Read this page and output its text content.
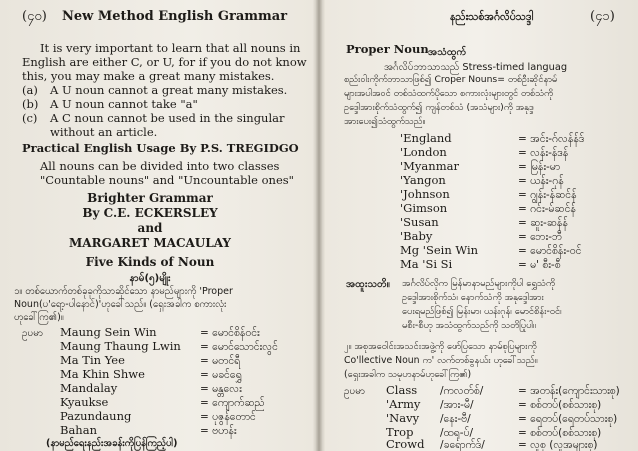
(၄၀) New Method English Grammar
It is very important to learn that all nouns in
English are either C, or U, for if you do not know
this, you may make a great many mistakes.
(a) A U noun cannot a great many mistakes.
(b) A U noun cannot take "a"
(c) A C noun cannot be used in the singular
without an article.
Practical English Usage By P.S. TREGIDGO
All nouns can be divided into two classes
"Countable nouns" and "Uncountable ones"
Brighter Grammar
By C.E. ECKERSLEY
and
MARGARET MACAULAY
Five Kinds of Noun
နာမ်(၅)မျိုး
၁။ တစ်ယောက်တစ်ခုခုကိုသာဆိုင်သော နာမည်များကို 'Proper
Noun(ပ'ရော့-ပါနောင်)'ဟုခေါ်သည်။ (ရှေးအခါက စကားလုံး
ဟုခေါ်ကြ၏)။
ဥပမာ Maung Sein Win	= မောင်စိန်ဝင်း
Maung Thaung Lwin = မောင်သောင်းလွင်
Ma Tin Yee	= မတင်ရီ
Ma Khin Shwe	= မခင်ရွှေ
Mandalay	= မန္တလေး
Kyaukse	= ကျောက်ဆည်
Pazundaung	= ပုဇွန်တောင်
Bahan	= ဗဟန်း
(နာမည်ရေးနည်းအခန်းကိုပြန်ကြည့်ပါ)
နည်းသစ်အင်္ဂလိပ်သဒ္ဒါ	(၄၁)
Proper Noun အသံထွက်
အင်္ဂလိပ်ဘာသာသည် Stress-timed languag
စည်းဝါးကိုက်ဘာသာဖြစ်၍ Croper Nouns= တစ်ဦးဆိုင်နာမ်
များအပါအဝင် တစ်သံထက်ပိုသော စကားလုံးများတွင် တစ်သံကို
ဥဒ္ဒေါအားစိုက်သံထွက်၍ ကျန်တစ်သံ (အသံများ)ကို အနုဒ္ဒ
အားပေး၍သံထွက်သည်။
'England	= အင်း-ဂ်လန်န်ဒ်
'London	= လန်း-န်ဒန်
'Myanmar	= မြန်း-မာ
'Yangon	= ယန်း-ဂုန်
'Johnson	= ဂျွန်း-န်ဆင်န်
'Gimson	= ဂင်း-မ်ဆင်န်
'Susan	= ဆူး-ဆန်န်
'Baby	= ဘေး-ဘီ
Mg 'Sein Win	= မောင်စိန်း-ဝင်
Ma 'Si Si	= မ' စီး-စီ
အထူးသတိ။ အင်္ဂလိပ်လိုက မြန်မာနာမည်များကိုပါ ရွှေသံကို
ဥဒ္ဒေါအားစိုက်သံ၊ နောက်သံကို အနုဒ္ဒေါအား
ပေးရမည်ဖြစ်၍ မြန်းမာ၊ ယန်းဂုန်၊ မောင်စိန်း-ဝင်၊
မစီး-စီဟု အသံထွက်သည်ကို သတိပြုပါ။
၂။ အစုအဝေါင်းအသင်းအဖွဲ့ကို ဖော်ပြသော နာမ်စုပြများကို
Co'llective Noun က' လက်တစ်ခွနယ်း ဟုခေါ်သည်။
(ရှေးအခါက သမုဟနာမ်ဟုခေါ်ကြ၏)
ဥပမာ Class /ကလတ်စ်/	= အတန်း(ကျောင်းသားစု)
'Army /အား-မီ/	= စစ်တပ်(စစ်သားစု)
'Navy /နေး-ဗီ/	= ရေတပ်(ရေတပ်သားစု)
Trop	/ထရု-ပ်/	= စစ်တပ်(စစ်သားစု)
Crowd /ခရောက်ဒ်/	= လူစု (လူအများစု)
